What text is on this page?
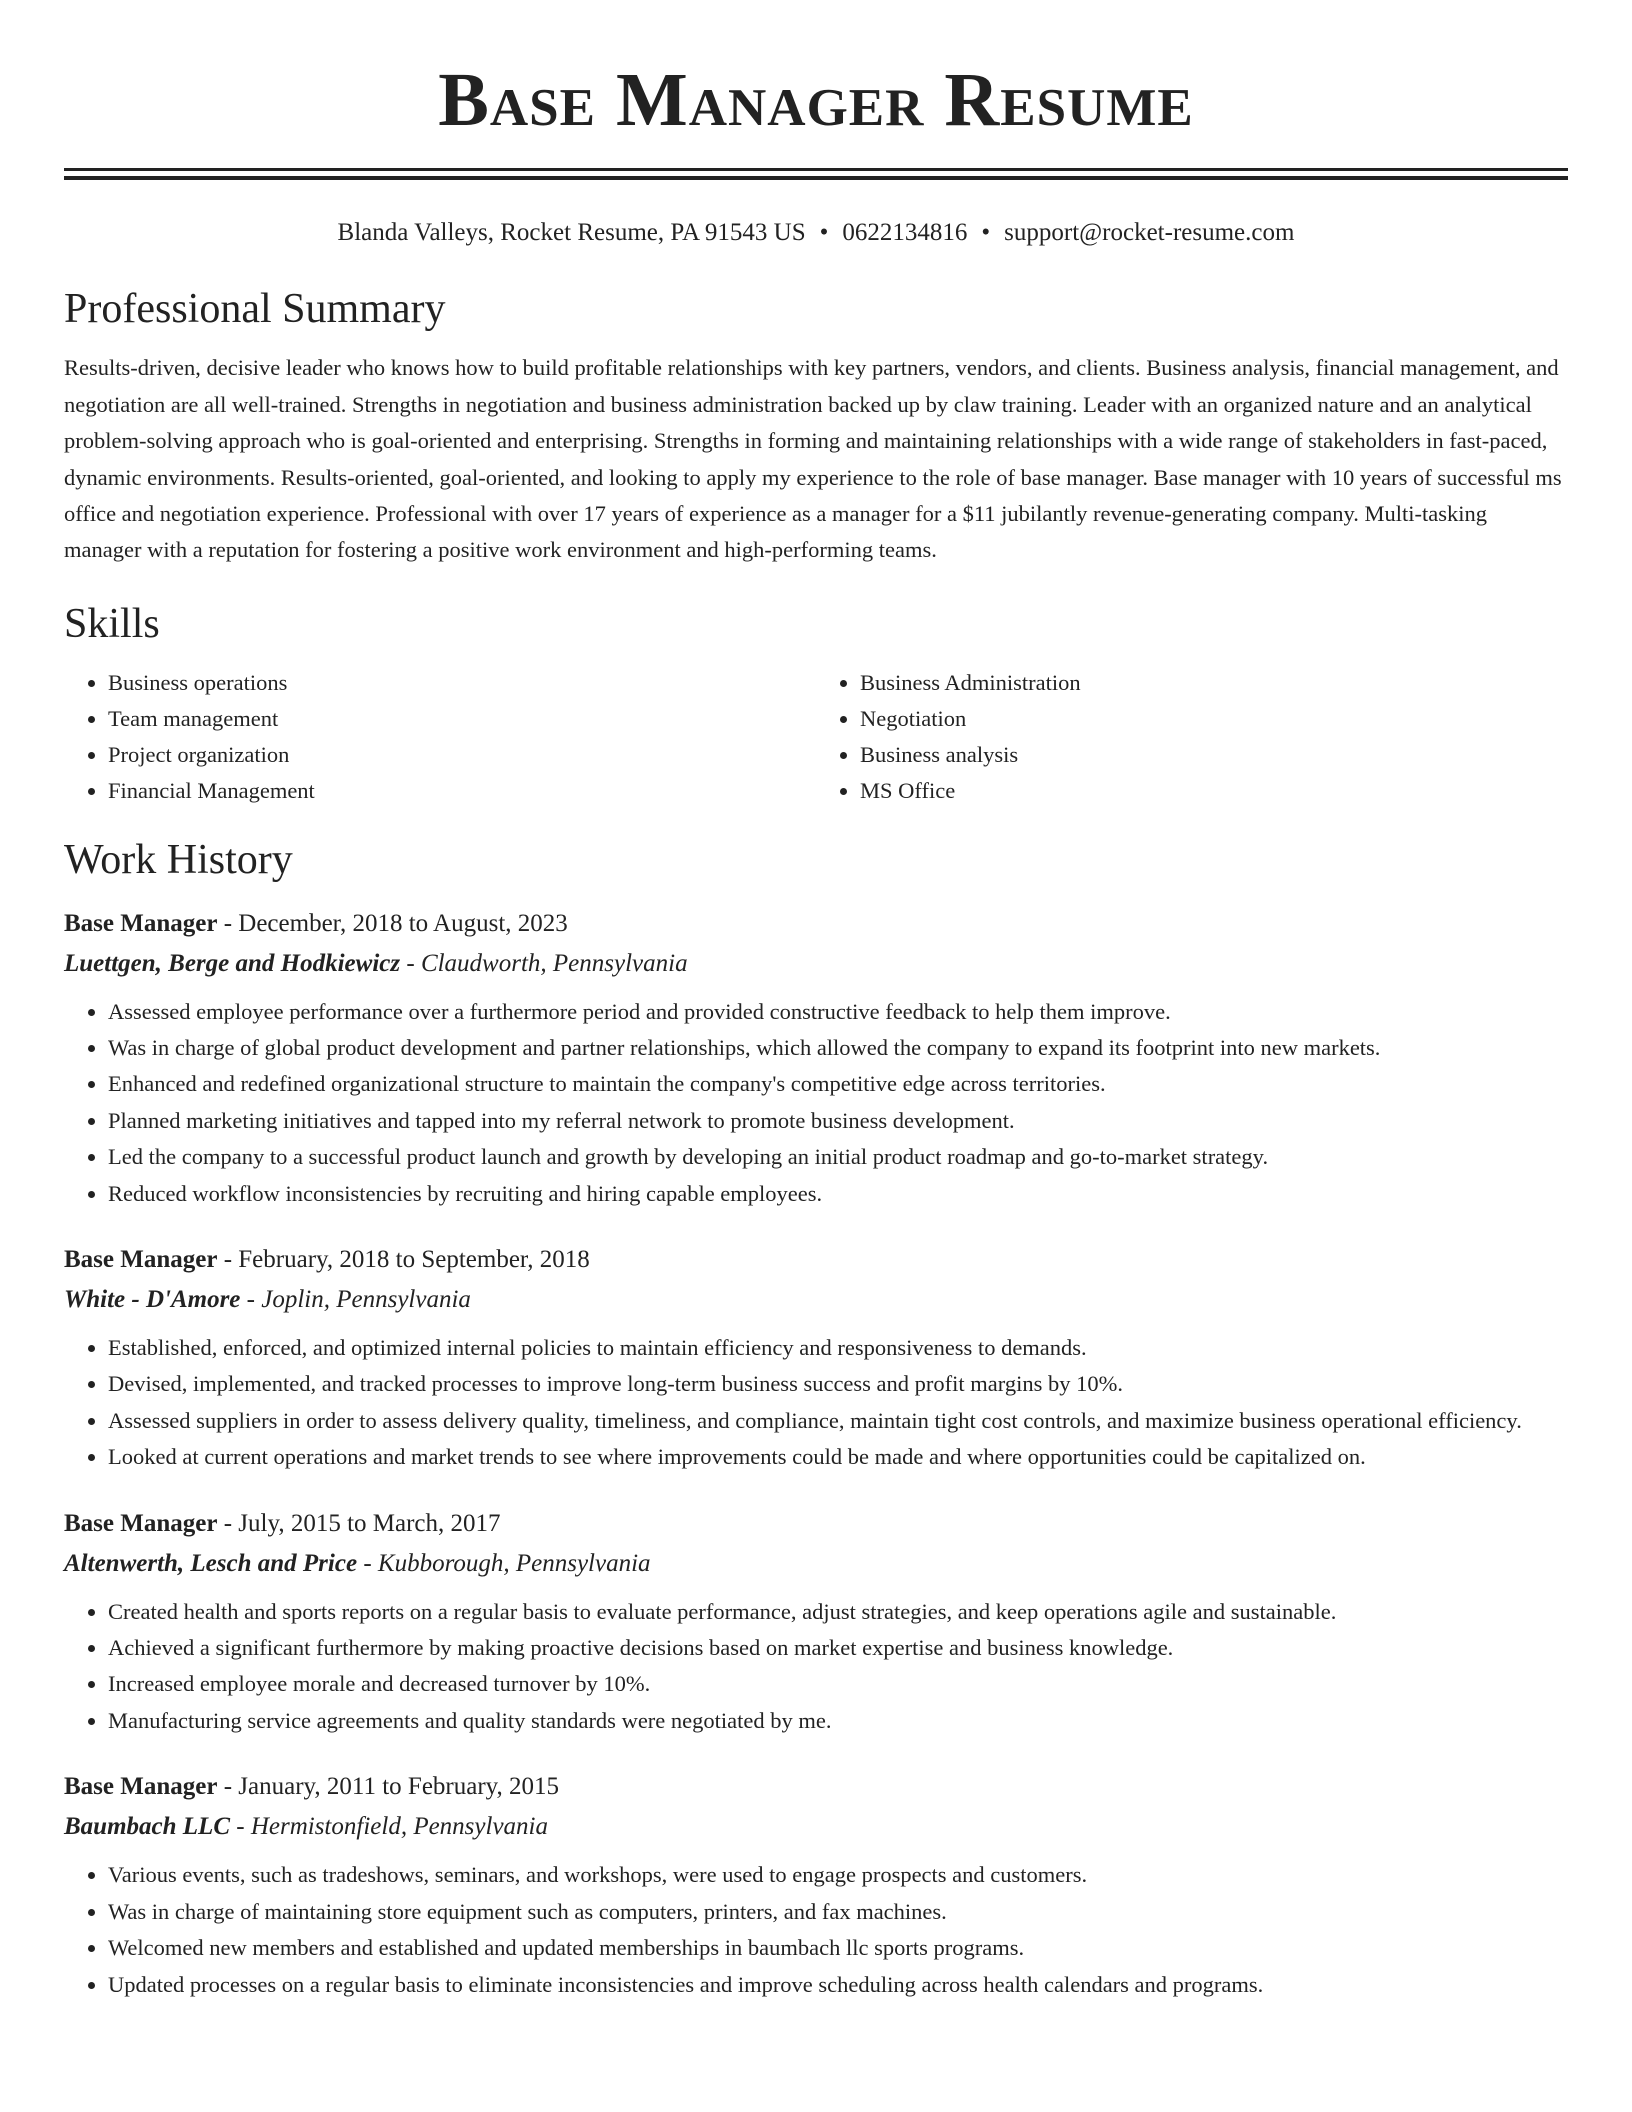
Base Manager Resume
Blanda Valleys, Rocket Resume, PA 91543 US • 0622134816 • support@rocket-resume.com
Professional Summary

Results-driven, decisive leader who knows how to build profitable relationships with key partners, vendors, and clients. Business analysis, financial management, and negotiation are all well-trained. Strengths in negotiation and business administration backed up by claw training. Leader with an organized nature and an analytical problem-solving approach who is goal-oriented and enterprising. Strengths in forming and maintaining relationships with a wide range of stakeholders in fast-paced, dynamic environments. Results-oriented, goal-oriented, and looking to apply my experience to the role of base manager. Base manager with 10 years of successful ms office and negotiation experience. Professional with over 17 years of experience as a manager for a $11 jubilantly revenue-generating company. Multi-tasking manager with a reputation for fostering a positive work environment and high-performing teams.

Skills
• Business operations
• Team management
• Project organization
• Financial Management
• Business Administration
• Negotiation
• Business analysis
• MS Office
Work History
Base Manager - December, 2018 to August, 2023
Luettgen, Berge and Hodkiewicz - Claudworth, Pennsylvania
• Assessed employee performance over a furthermore period and provided constructive feedback to help them improve.
• Was in charge of global product development and partner relationships, which allowed the company to expand its footprint into new markets.
• Enhanced and redefined organizational structure to maintain the company's competitive edge across territories.
• Planned marketing initiatives and tapped into my referral network to promote business development.
• Led the company to a successful product launch and growth by developing an initial product roadmap and go-to-market strategy.
• Reduced workflow inconsistencies by recruiting and hiring capable employees.
Base Manager - February, 2018 to September, 2018
White - D'Amore - Joplin, Pennsylvania
• Established, enforced, and optimized internal policies to maintain efficiency and responsiveness to demands.
• Devised, implemented, and tracked processes to improve long-term business success and profit margins by 10%.
• Assessed suppliers in order to assess delivery quality, timeliness, and compliance, maintain tight cost controls, and maximize business operational efficiency.
• Looked at current operations and market trends to see where improvements could be made and where opportunities could be capitalized on.
Base Manager - July, 2015 to March, 2017
Altenwerth, Lesch and Price - Kubborough, Pennsylvania
• Created health and sports reports on a regular basis to evaluate performance, adjust strategies, and keep operations agile and sustainable.
• Achieved a significant furthermore by making proactive decisions based on market expertise and business knowledge.
• Increased employee morale and decreased turnover by 10%.
• Manufacturing service agreements and quality standards were negotiated by me.
Base Manager - January, 2011 to February, 2015
Baumbach LLC - Hermistonfield, Pennsylvania
• Various events, such as tradeshows, seminars, and workshops, were used to engage prospects and customers.
• Was in charge of maintaining store equipment such as computers, printers, and fax machines.
• Welcomed new members and established and updated memberships in baumbach llc sports programs.
• Updated processes on a regular basis to eliminate inconsistencies and improve scheduling across health calendars and programs.
